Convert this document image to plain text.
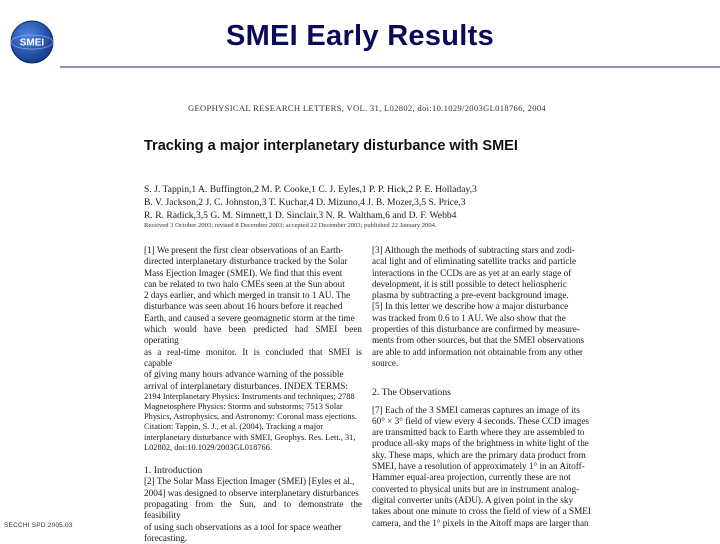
SMEI	SMEI Early Results
GEOPHYSICAL RESEARCH LETTERS, VOL. 31, L02802, doi:10.1029/2003GL018766, 2004
Tracking a major interplanetary disturbance with SMEI
S. J. Tappin,1 A. Buffington,2 M. P. Cooke,1 C. J. Eyles,1 P. P. Hick,2 P. E. Holladay,3
B. V. Jackson,2 J. C. Johnston,3 T. Kuchar,4 D. Mizuno,4 J. B. Mozer,3,5 S. Price,3
R. R. Radick,3,5 G. M. Simnett,1 D. Sinclair,3 N. R. Waltham,6 and D. F. Webb4
Received 3 October 2003; revised 8 December 2003; accepted 22 December 2003; published 22 January 2004.
[1] We present the first clear observations of an Earth-
directed interplanetary disturbance tracked by the Solar
Mass Ejection Imager (SMEI). We find that this event
can be related to two halo CMEs seen at the Sun about
2 days earlier, and which merged in transit to 1 AU. The
disturbance was seen about 16 hours before it reached
Earth, and caused a severe geomagnetic storm at the time
which would have been predicted had SMEI been operating
as a real-time monitor. It is concluded that SMEI is capable
of giving many hours advance warning of the possible
arrival of interplanetary disturbances. INDEX TERMS:
2194 Interplanetary Physics: Instruments and techniques; 2788
Magnetosphere Physics: Storms and substorms; 7513 Solar
Physics, Astrophysics, and Astronomy: Coronal mass ejections.
Citation: Tappin, S. J., et al. (2004), Tracking a major
interplanetary disturbance with SMEI, Geophys. Res. Lett., 31,
L02802, doi:10.1029/2003GL018766.
1. Introduction
[2] The Solar Mass Ejection Imager (SMEI) [Eyles et al.,
2004] was designed to observe interplanetary disturbances
propagating from the Sun, and to demonstrate the feasibility
of using such observations as a tool for space weather
forecasting.
[3] Although the methods of subtracting stars and zodi-
acal light and of eliminating satellite tracks and particle
interactions in the CCDs are as yet at an early stage of
development, it is still possible to detect heliospheric
plasma by subtracting a pre-event background image.
[5] In this letter we describe how a major disturbance
was tracked from 0.6 to 1 AU. We also show that the
properties of this disturbance are confirmed by measure-
ments from other sources, but that the SMEI observations
are able to add information not obtainable from any other
source.
2. The Observations
[7] Each of the 3 SMEI cameras captures an image of its
60° × 3° field of view every 4 seconds. These CCD images
are transmitted back to Earth where they are assembled to
produce all-sky maps of the brightness in white light of the
sky. These maps, which are the primary data product from
SMEI, have a resolution of approximately 1° in an Aitoff-
Hammer equal-area projection, currently these are not
converted to physical units but are in instrument analog-
digital converter units (ADU). A given point in the sky
takes about one minute to cross the field of view of a SMEI
camera, and the 1° pixels in the Aitoff maps are larger than
SECCHI SPD 2005.03
